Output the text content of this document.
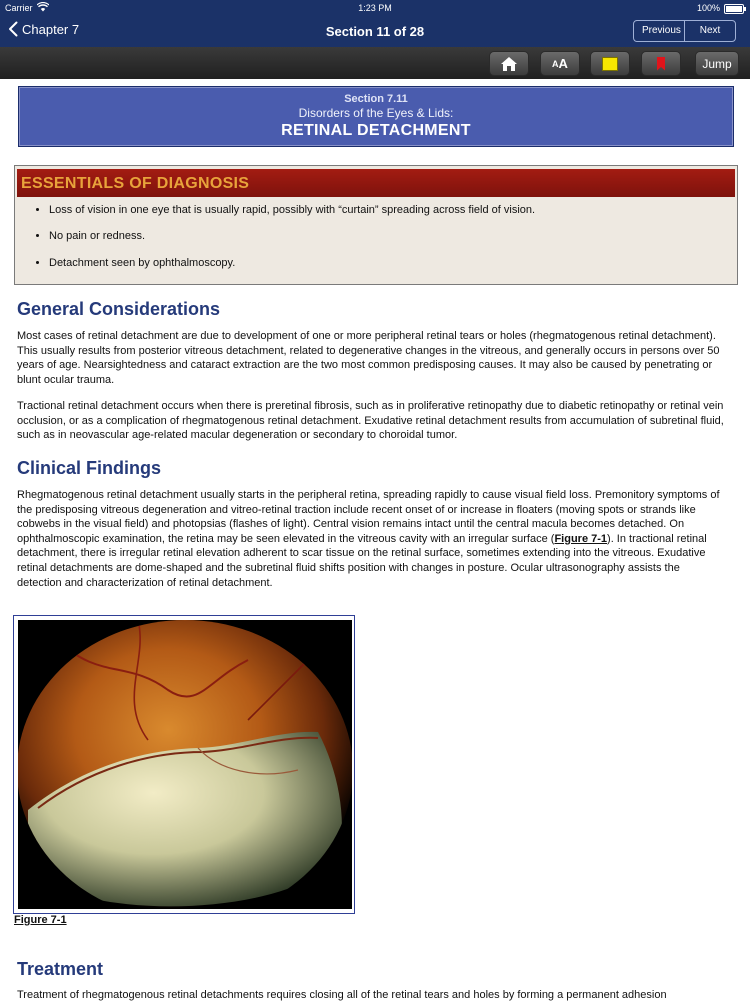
Carrier	1:23 PM	100%
Chapter 7	Section 11 of 28	Previous	Next
A A	Jump
Section 7.11
Disorders of the Eyes & Lids:
RETINAL DETACHMENT
ESSENTIALS OF DIAGNOSIS
• Loss of vision in one eye that is usually rapid, possibly with “curtain” spreading across field of vision.
• No pain or redness.
• Detachment seen by ophthalmoscopy.
General Considerations
Most cases of retinal detachment are due to development of one or more peripheral retinal tears or holes (rhegmatogenous retinal detachment). This usually results from posterior vitreous detachment, related to degenerative changes in the vitreous, and generally occurs in persons over 50 years of age. Nearsightedness and cataract extraction are the two most common predisposing causes. It may also be caused by penetrating or blunt ocular trauma.
Tractional retinal detachment occurs when there is preretinal fibrosis, such as in proliferative retinopathy due to diabetic retinopathy or retinal vein occlusion, or as a complication of rhegmatogenous retinal detachment. Exudative retinal detachment results from accumulation of subretinal fluid, such as in neovascular age-related macular degeneration or secondary to choroidal tumor.
Clinical Findings
Rhegmatogenous retinal detachment usually starts in the peripheral retina, spreading rapidly to cause visual field loss. Premonitory symptoms of the predisposing vitreous degeneration and vitreo-retinal traction include recent onset of or increase in floaters (moving spots or strands like cobwebs in the visual field) and photopsias (flashes of light). Central vision remains intact until the central macula becomes detached. On ophthalmoscopic examination, the retina may be seen elevated in the vitreous cavity with an irregular surface (Figure 7-1). In tractional retinal detachment, there is irregular retinal elevation adherent to scar tissue on the retinal surface, sometimes extending into the vitreous. Exudative retinal detachments are dome-shaped and the subretinal fluid shifts position with changes in posture. Ocular ultrasonography assists the detection and characterization of retinal detachment.
Figure 7-1
Treatment
Treatment of rhegmatogenous retinal detachments requires closing all of the retinal tears and holes by forming a permanent adhesion
